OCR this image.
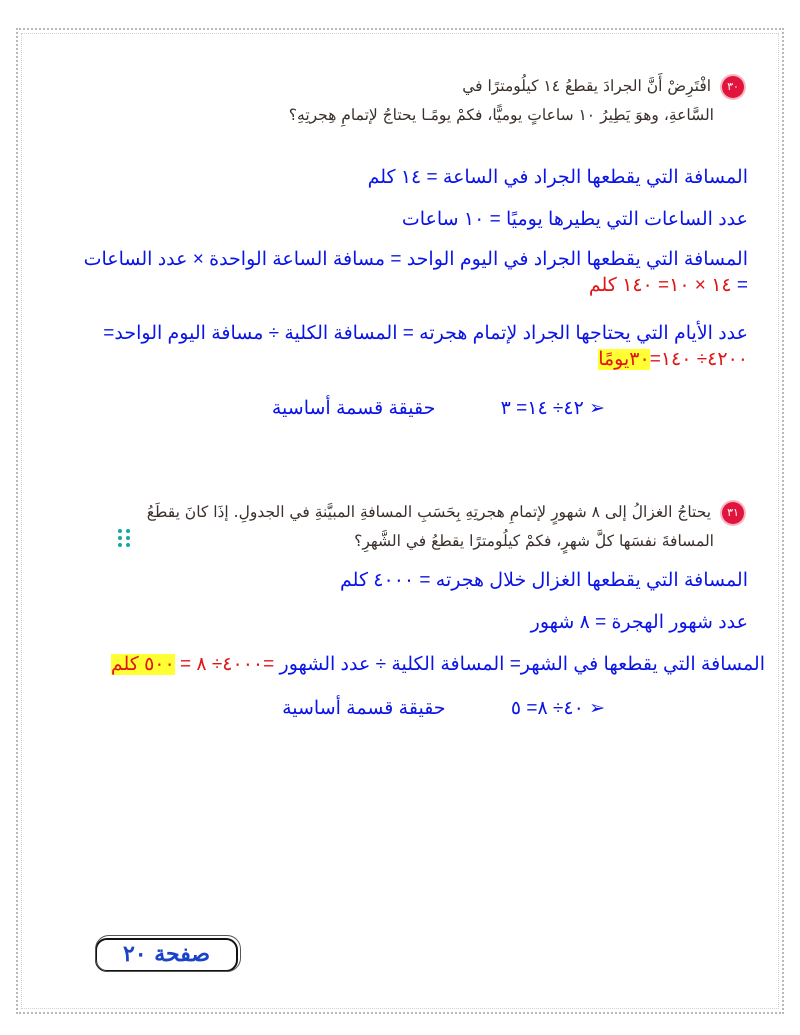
٣٠ افْتَرِضْ أَنَّ الجرادَ يقطعُ ١٤ كيلُومترًا في
السَّاعةِ، وهوَ يَطِيرُ ١٠ ساعاتٍ يوميًّا، فكمْ يومًـا يحتاجُ لإتمامِ هِجرتِهِ؟
المسافة التي يقطعها الجراد في الساعة = ١٤ كلم
عدد الساعات التي يطيرها يوميًا = ١٠ ساعات
المسافة التي يقطعها الجراد في اليوم الواحد = مسافة الساعة الواحدة × عدد الساعات
= ١٤ × ١٠= ١٤٠ كلم
عدد الأيام التي يحتاجها الجراد لإتمام هجرته = المسافة الكلية ÷ مسافة اليوم الواحد=
٤٢٠٠÷ ١٤٠=٣٠يومًا
➢ ٤٢÷ ١٤= ٣ حقيقة قسمة أساسية
٣١ يحتاجُ الغزالُ إلى ٨ شهورٍ لإتمامِ هجرتِهِ بِحَسَبِ المسافةِ المبيَّنةِ في الجدولِ. إذَا كانَ يقطَعُ
المسافةَ نفسَها كلَّ شهرٍ، فكمْ كيلُومترًا يقطعُ في الشَّهرِ؟
المسافة التي يقطعها الغزال خلال هجرته = ٤٠٠٠ كلم
عدد شهور الهجرة = ٨ شهور
المسافة التي يقطعها في الشهر= المسافة الكلية ÷ عدد الشهور =٤٠٠٠÷ ٨ = ٥٠٠ كلم
➢ ٤٠÷ ٨= ٥ حقيقة قسمة أساسية
صفحة ٢٠
